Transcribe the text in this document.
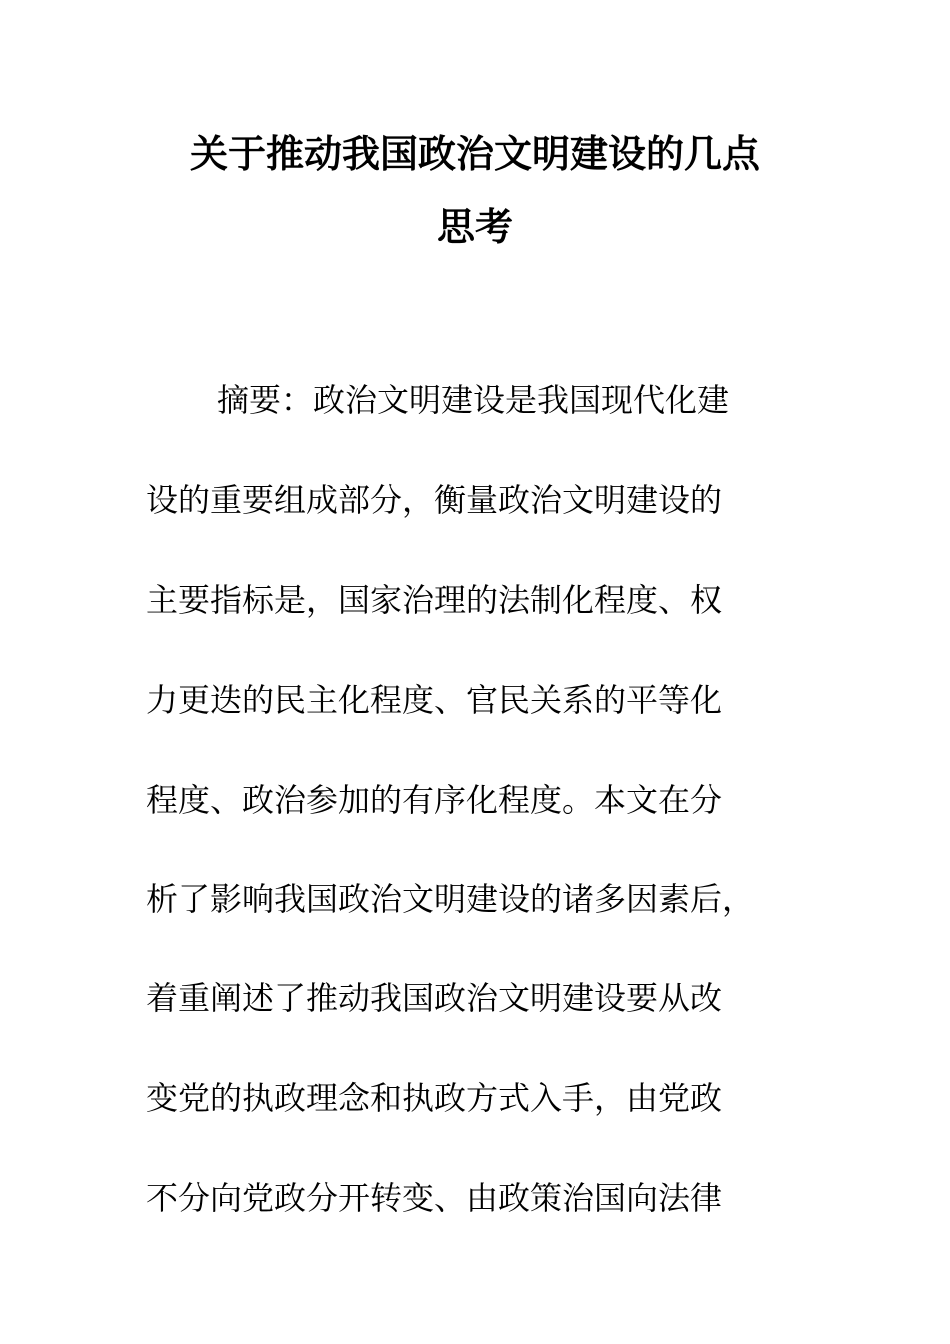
关于推动我国政治文明建设的几点
思考
摘要：政治文明建设是我国现代化建
设的重要组成部分，衡量政治文明建设的
主要指标是，国家治理的法制化程度、权
力更迭的民主化程度、官民关系的平等化
程度、政治参加的有序化程度。本文在分
析了影响我国政治文明建设的诸多因素后，
着重阐述了推动我国政治文明建设要从改
变党的执政理念和执政方式入手，由党政
不分向党政分开转变、由政策治国向法律
